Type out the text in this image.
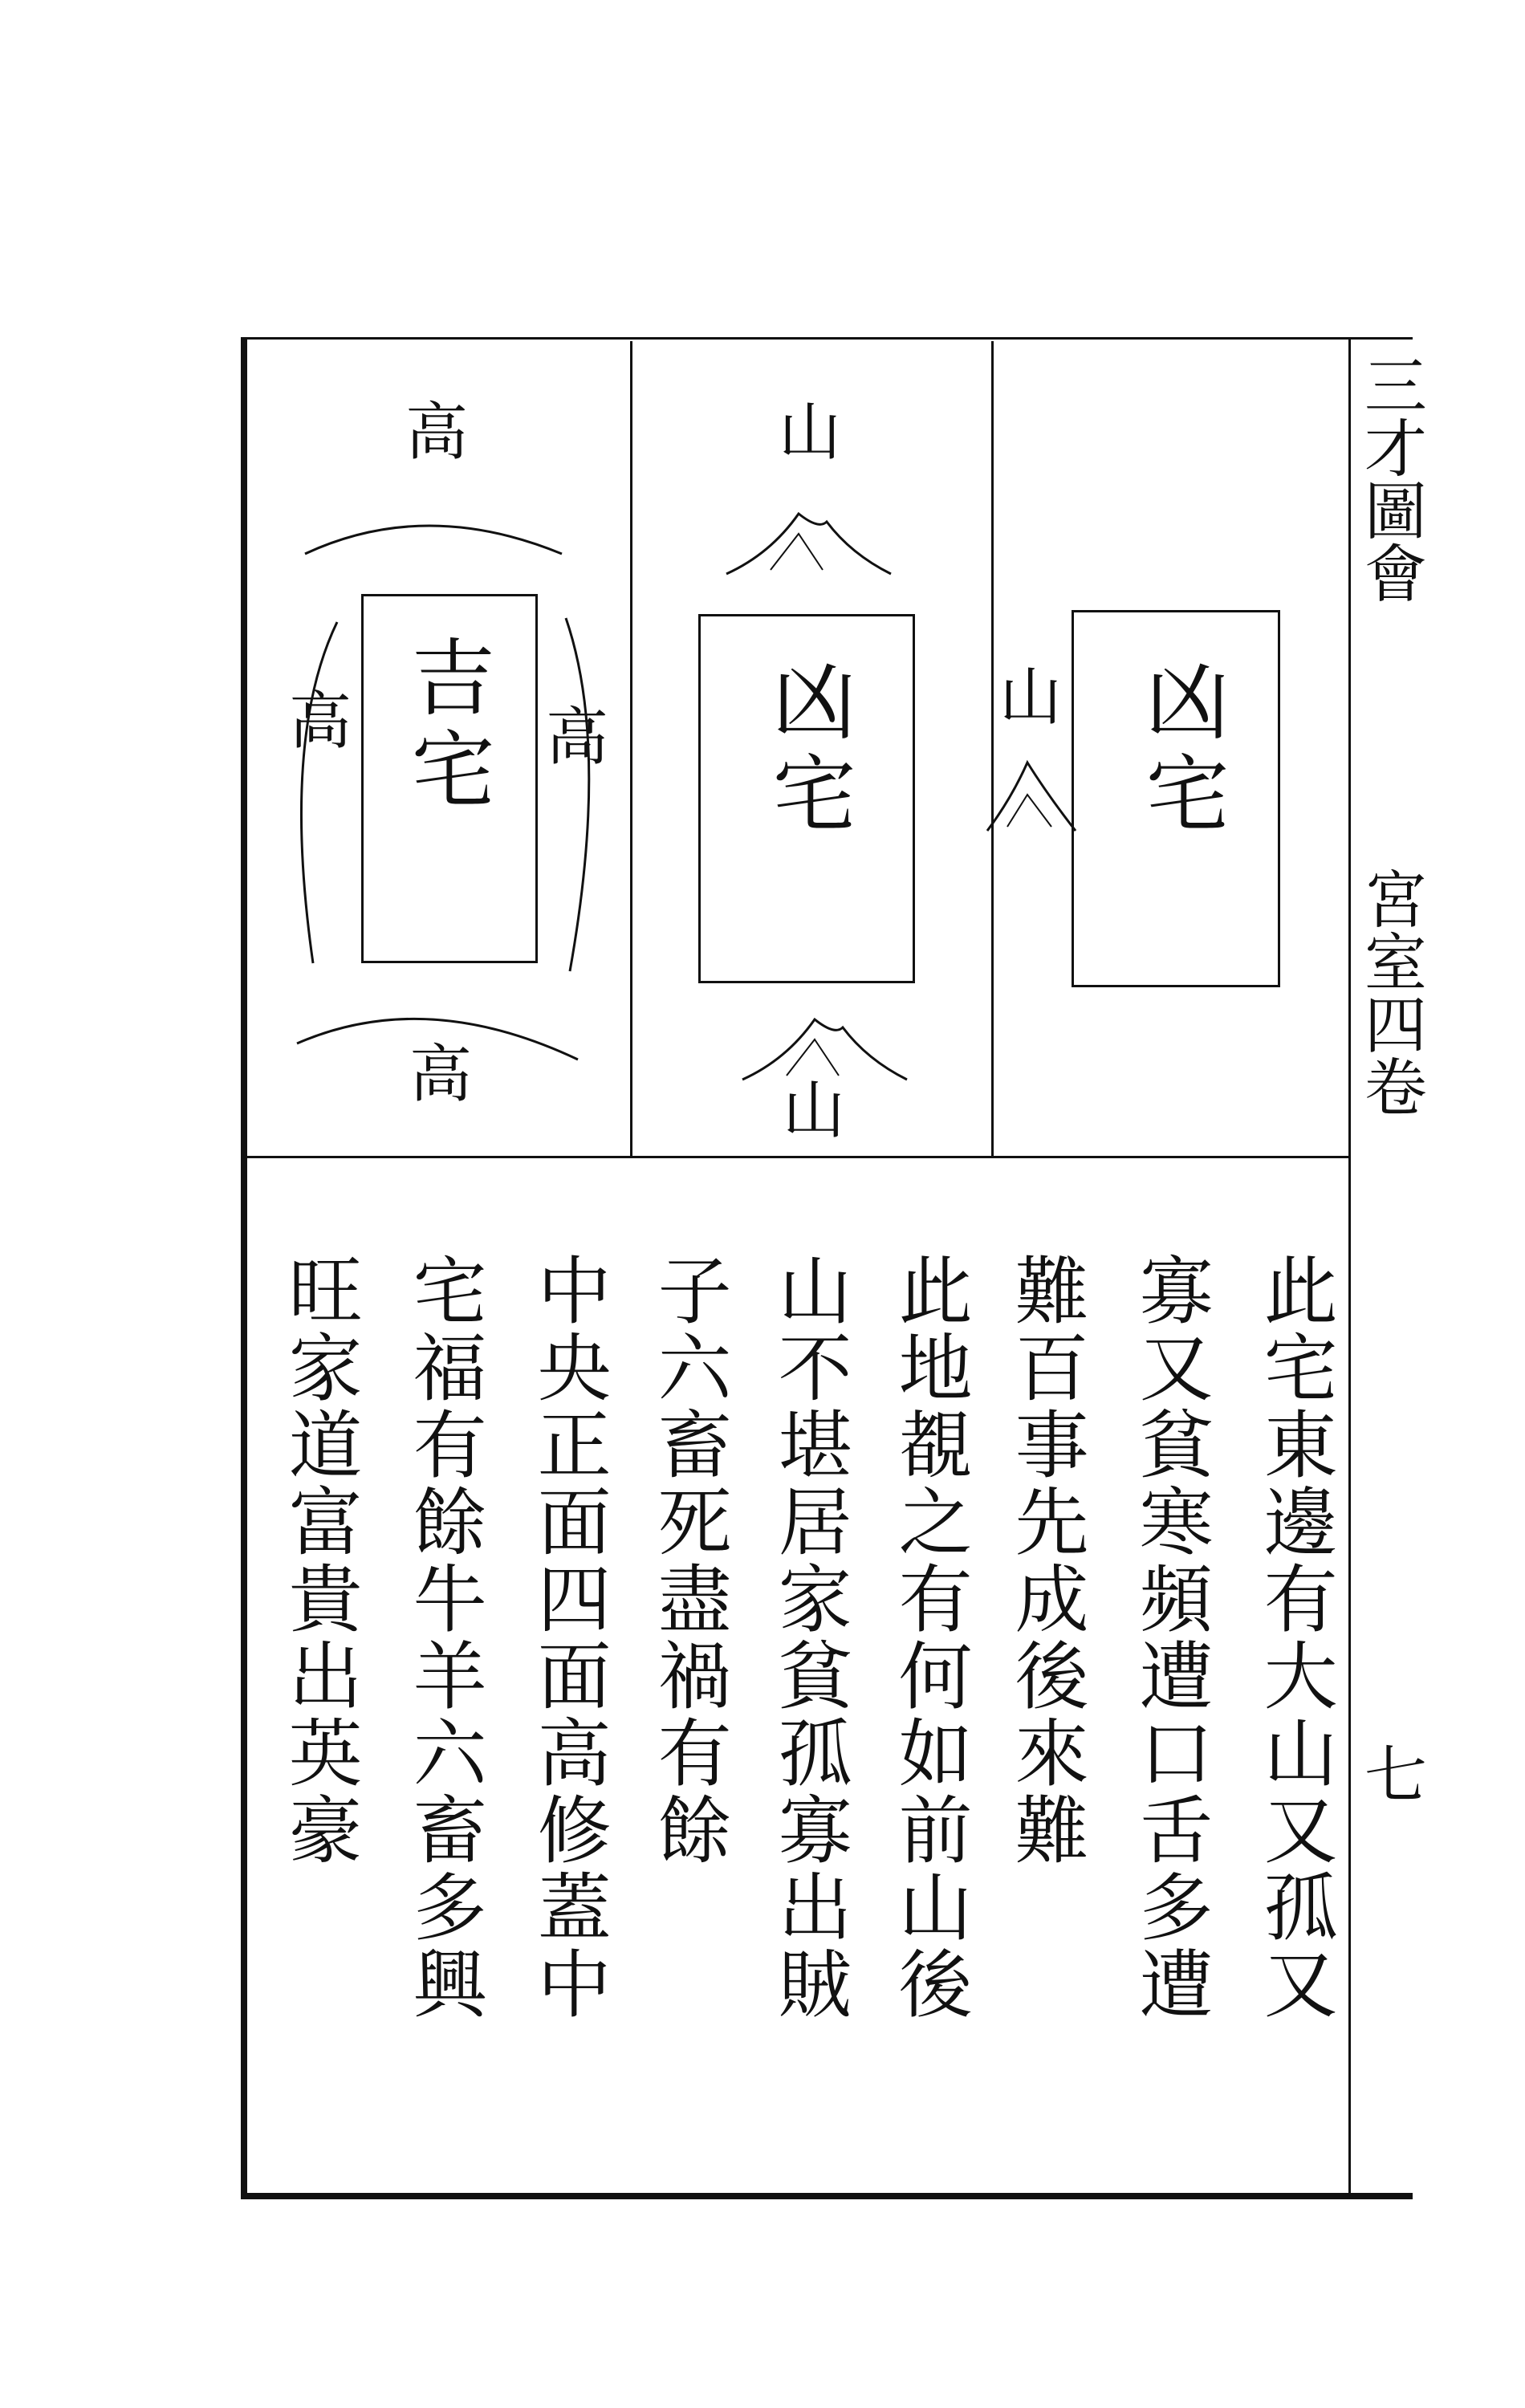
三才圖會
宮室四卷
七
高
高	高
高
吉宅
山
凶宅
山
山 凶宅
此宅東邊有大山又孤又
寡又貧寒頻遭口舌多遭
難百事先成後來難
此地覩之有何如前山後
山不堪居家貧孤寡出賊
子六畜死盡禍有餘
中央正面四面高修蓋中
宅福有餘牛羊六畜多興
旺家道富貴出英豪
